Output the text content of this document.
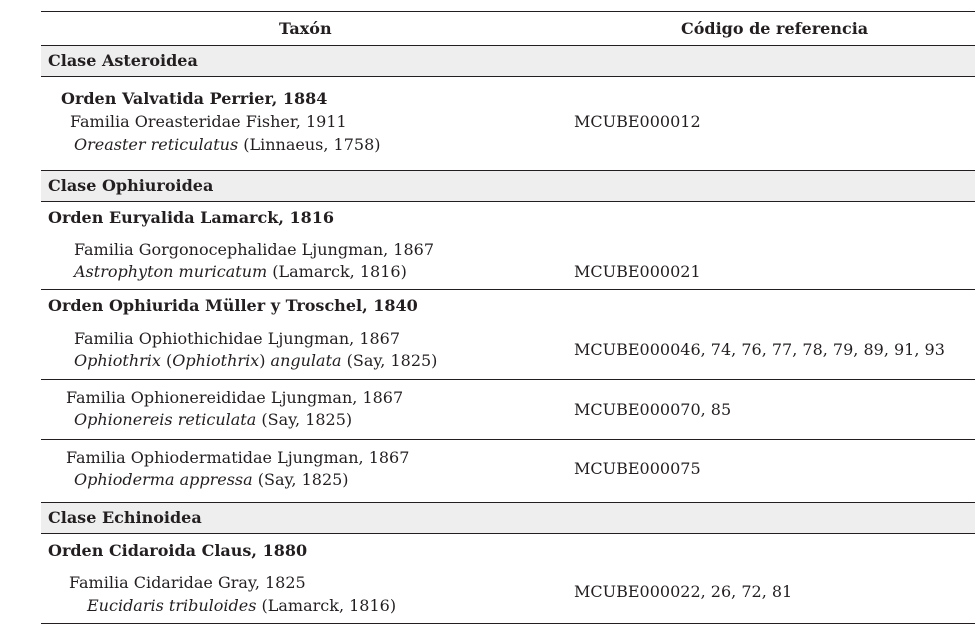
Taxón	Código de referencia
Clase Asteroidea
Orden Valvatida Perrier, 1884
Familia Oreasteridae Fisher, 1911
Oreaster reticulatus (Linnaeus, 1758)
MCUBE000012
Clase Ophiuroidea
Orden Euryalida Lamarck, 1816
Familia Gorgonocephalidae Ljungman, 1867
Astrophyton muricatum (Lamarck, 1816)	MCUBE000021
Orden Ophiurida Müller y Troschel, 1840
Familia Ophiothichidae Ljungman, 1867
Ophiothrix (Ophiothrix) angulata (Say, 1825)
MCUBE000046, 74, 76, 77, 78, 79, 89, 91, 93
Familia Ophionereididae Ljungman, 1867
Ophionereis reticulata (Say, 1825)
MCUBE000070, 85
Familia Ophiodermatidae Ljungman, 1867
Ophioderma appressa (Say, 1825)
MCUBE000075
Clase Echinoidea
Orden Cidaroida Claus, 1880
Familia Cidaridae Gray, 1825
Eucidaris tribuloides (Lamarck, 1816)
MCUBE000022, 26, 72, 81
